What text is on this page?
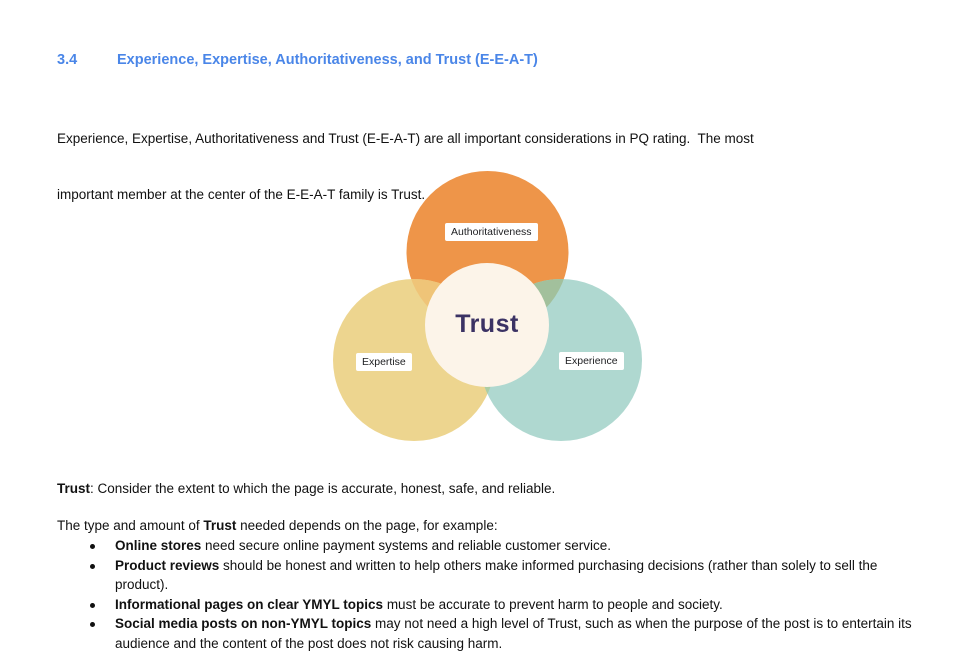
3.4	Experience, Expertise, Authoritativeness, and Trust (E-E-A-T)

Experience, Expertise, Authoritativeness and Trust (E-E-A-T) are all important considerations in PQ rating.  The most

important member at the center of the E-E-A-T family is Trust.

Authoritativeness
Expertise	Experience
Trust
Trust: Consider the extent to which the page is accurate, honest, safe, and reliable.
The type and amount of Trust needed depends on the page, for example:
Online stores need secure online payment systems and reliable customer service.
Product reviews should be honest and written to help others make informed purchasing decisions (rather than solely to sell the product).
Informational pages on clear YMYL topics must be accurate to prevent harm to people and society.
Social media posts on non-YMYL topics may not need a high level of Trust, such as when the purpose of the post is to entertain its audience and the content of the post does not risk causing harm.
